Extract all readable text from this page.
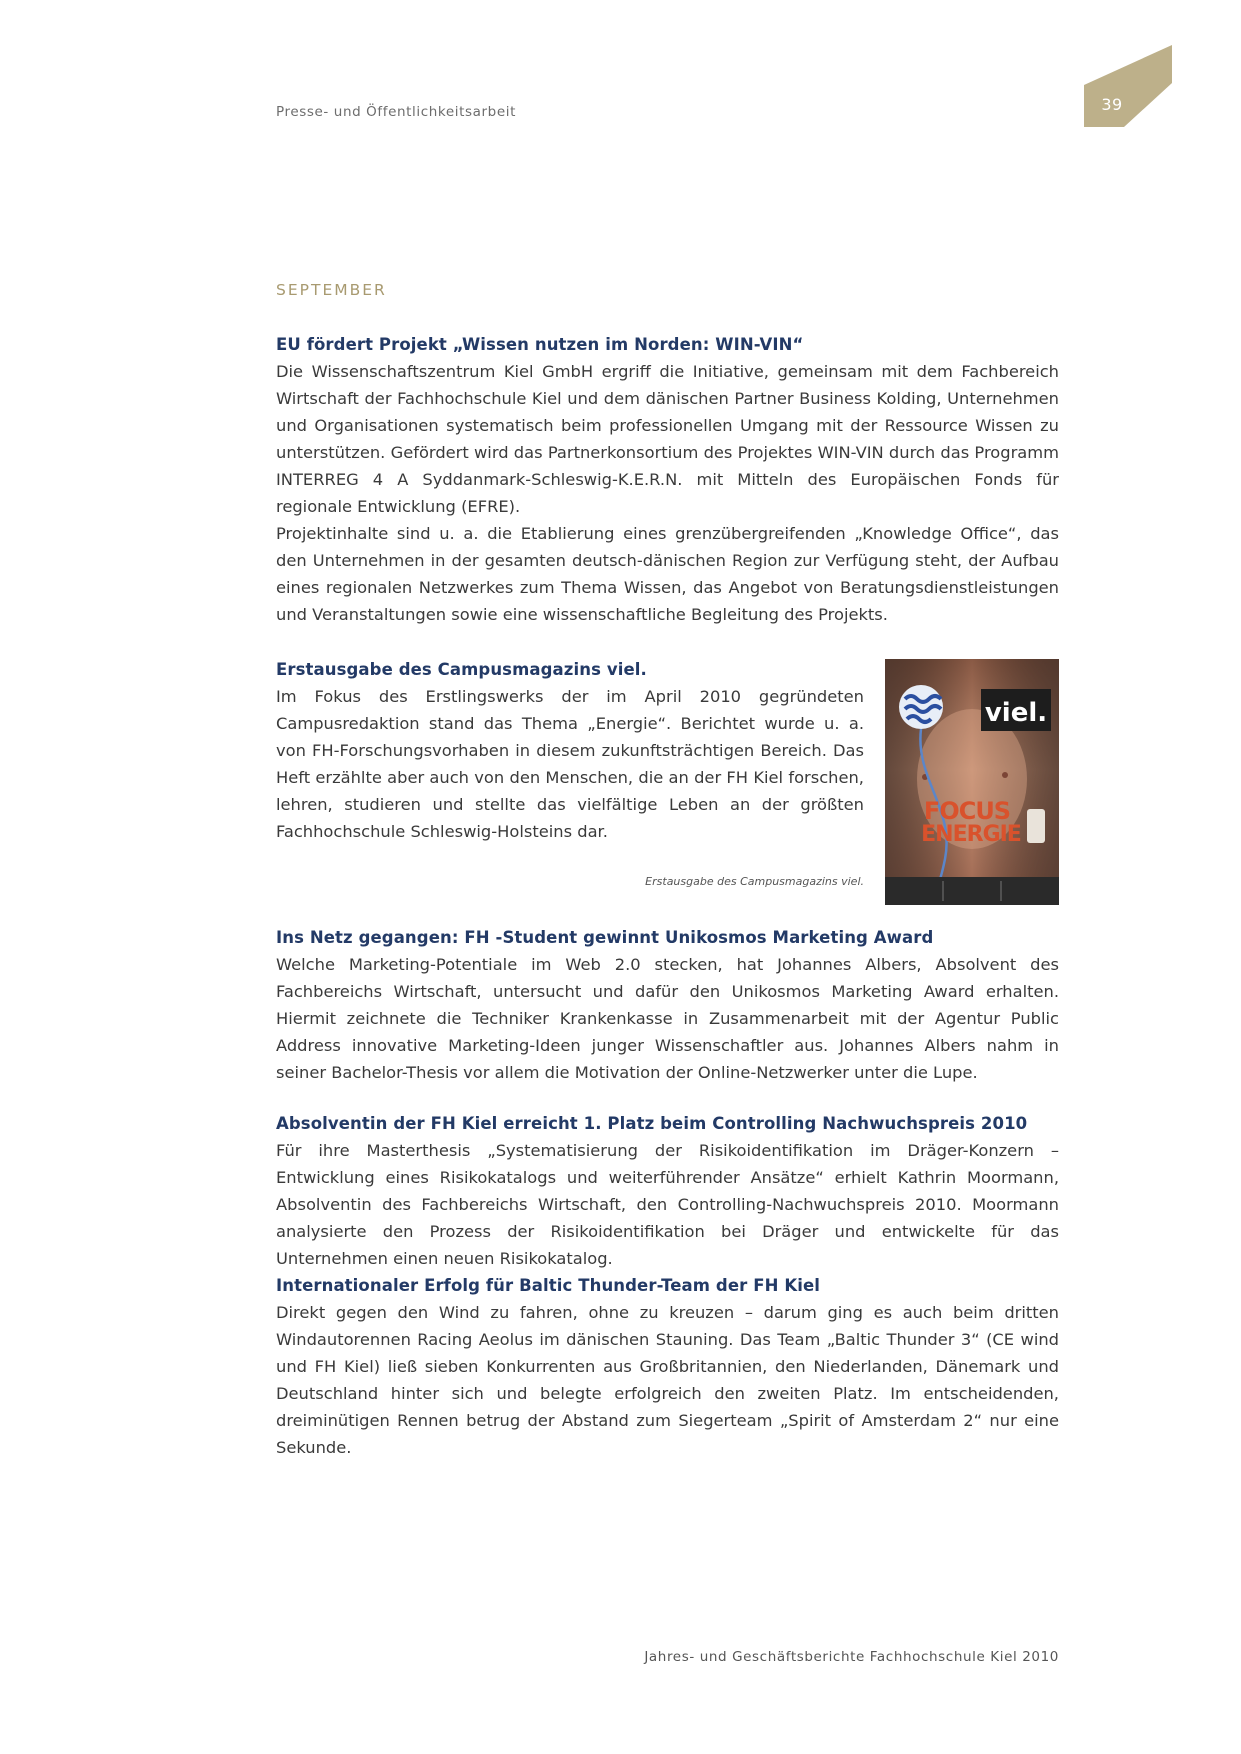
Presse- und Öffentlichkeitsarbeit	39
SEPTEMBER
EU fördert Projekt „Wissen nutzen im Norden: WIN-VIN“

Die Wissenschaftszentrum Kiel GmbH ergriff die Initiative, gemeinsam mit dem Fachbereich Wirtschaft der Fachhochschule Kiel und dem dänischen Partner Business Kolding, Unternehmen und Organisationen systematisch beim professionellen Umgang mit der Ressource Wissen zu unterstützen. Gefördert wird das Partnerkonsortium des Projektes WIN-VIN durch das Programm INTERREG 4 A Syddanmark-Schleswig-K.E.R.N. mit Mitteln des Europäischen Fonds für regionale Entwicklung (EFRE).

Projektinhalte sind u. a. die Etablierung eines grenzübergreifenden „Knowledge Office“, das den Unternehmen in der gesamten deutsch-dänischen Region zur Verfügung steht, der Aufbau eines regionalen Netzwerkes zum Thema Wissen, das Angebot von Beratungsdienstleistungen und Veranstaltungen sowie eine wissenschaftliche Begleitung des Projekts.

Erstausgabe des Campusmagazins viel.

Im Fokus des Erstlingswerks der im April 2010 gegründeten Campusredaktion stand das Thema „Energie“. Berichtet wurde u. a. von FH-Forschungsvorhaben in diesem zukunftsträchtigen Bereich. Das Heft erzählte aber auch von den Menschen, die an der FH Kiel forschen, lehren, studieren und stellte das vielfältige Leben an der größten Fachhochschule Schleswig-Holsteins dar.

Erstausgabe des Campusmagazins viel.
viel.
FOCUS
ENERGIE
Ins Netz gegangen: FH -Student gewinnt Unikosmos Marketing Award

Welche Marketing-Potentiale im Web 2.0 stecken, hat Johannes Albers, Absolvent des Fachbereichs Wirtschaft, untersucht und dafür den Unikosmos Marketing Award erhalten. Hiermit zeichnete die Techniker Krankenkasse in Zusammenarbeit mit der Agentur Public Address innovative Marketing-Ideen junger Wissenschaftler aus. Johannes Albers nahm in seiner Bachelor-Thesis vor allem die Motivation der Online-Netzwerker unter die Lupe.

Absolventin der FH Kiel erreicht 1. Platz beim Controlling Nachwuchspreis 2010

Für ihre Masterthesis „Systematisierung der Risikoidentifikation im Dräger-Konzern – Entwicklung eines Risikokatalogs und weiterführender Ansätze“ erhielt Kathrin Moormann, Absolventin des Fachbereichs Wirtschaft, den Controlling-Nachwuchspreis 2010. Moormann analysierte den Prozess der Risikoidentifikation bei Dräger und entwickelte für das Unternehmen einen neuen Risikokatalog.

Internationaler Erfolg für Baltic Thunder-Team der FH Kiel

Direkt gegen den Wind zu fahren, ohne zu kreuzen – darum ging es auch beim dritten Windautorennen Racing Aeolus im dänischen Stauning. Das Team „Baltic Thunder 3“ (CE wind und FH Kiel) ließ sieben Konkurrenten aus Großbritannien, den Niederlanden, Dänemark und Deutschland hinter sich und belegte erfolgreich den zweiten Platz. Im entscheidenden, dreiminütigen Rennen betrug der Abstand zum Siegerteam „Spirit of Amsterdam 2“ nur eine Sekunde.

Jahres- und Geschäftsberichte Fachhochschule Kiel 2010
